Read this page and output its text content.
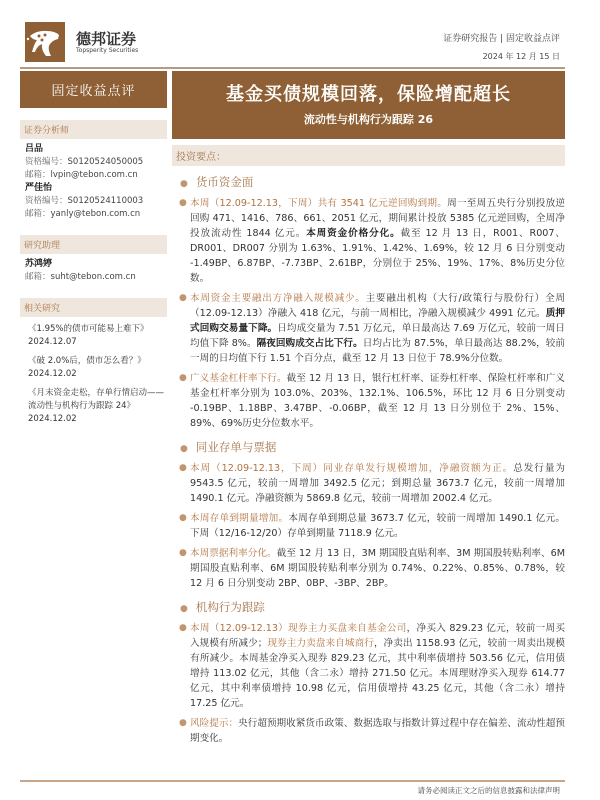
德邦证券
Topsperity Securities
证券研究报告 | 固定收益点评
2024 年 12 月 15 日
固定收益点评
证券分析师
吕品
资格编号：S0120524050005
邮箱：lvpin@tebon.com.cn
严佳怡
资格编号：S0120524110003
邮箱：yanly@tebon.com.cn
研究助理
苏鸿婷
邮箱：suht@tebon.com.cn
相关研究
《1.95%的债市可能易上难下》
2024.12.07
《破 2.0%后，债市怎么看？》
2024.12.02
《月末资金走松，存单行情启动——流动性与机构行为跟踪 24》
2024.12.02
基金买债规模回落，保险增配超长
流动性与机构行为跟踪 26
投资要点：
● 货币资金面
● 本周（12.09-12.13，下周）共有 3541 亿元逆回购到期。周一至周五央行分别投放逆回购 471、1416、786、661、2051 亿元，期间累计投放 5385 亿元逆回购，全周净投放流动性 1844 亿元。本周资金价格分化。截至 12 月 13 日，R001、R007、DR001、DR007 分别为 1.63%、1.91%、1.42%、1.69%，较 12 月 6 日分别变动 -1.49BP、6.87BP、-7.73BP、2.61BP，分别位于 25%、19%、17%、8%历史分位数。
● 本周资金主要融出方净融入规模减少。主要融出机构（大行/政策行与股份行）全周（12.09-12.13）净融入 418 亿元，与前一周相比，净融入规模减少 4991 亿元。质押式回购交易量下降。日均成交量为 7.51 万亿元，单日最高达 7.69 万亿元，较前一周日均值下降 8%。隔夜回购成交占比下行。日均占比为 87.5%，单日最高达 88.2%，较前一周的日均值下行 1.51 个百分点，截至 12 月 13 日位于 78.9%分位数。
● 广义基金杠杆率下行。截至 12 月 13 日，银行杠杆率、证券杠杆率、保险杠杆率和广义基金杠杆率分别为 103.0%、203%、132.1%、106.5%，环比 12 月 6 日分别变动 -0.19BP、1.18BP、3.47BP、-0.06BP，截至 12 月 13 日分别位于 2%、15%、89%、69%历史分位数水平。
● 同业存单与票据
● 本周（12.09-12.13，下周）同业存单发行规模增加，净融资额为正。总发行量为 9543.5 亿元，较前一周增加 3492.5 亿元；到期总量 3673.7 亿元，较前一周增加 1490.1 亿元。净融资额为 5869.8 亿元，较前一周增加 2002.4 亿元。
● 本周存单到期量增加。本周存单到期总量 3673.7 亿元，较前一周增加 1490.1 亿元。下周（12/16-12/20）存单到期量 7118.9 亿元。
● 本周票据利率分化。截至 12 月 13 日，3M 期国股直贴利率、3M 期国股转贴利率、6M 期国股直贴利率、6M 期国股转贴利率分别为 0.74%、0.22%、0.85%、0.78%，较 12 月 6 日分别变动 2BP、0BP、-3BP、2BP。
● 机构行为跟踪
● 本周（12.09-12.13）现券主力买盘来自基金公司，净买入 829.23 亿元，较前一周买入规模有所减少；现券主力卖盘来自城商行，净卖出 1158.93 亿元，较前一周卖出规模有所减少。本周基金净买入现券 829.23 亿元，其中利率债增持 503.56 亿元，信用债增持 113.02 亿元，其他（含二永）增持 271.50 亿元。本周理财净买入现券 614.77 亿元，其中利率债增持 10.98 亿元，信用债增持 43.25 亿元，其他（含二永）增持 17.25 亿元。
● 风险提示：央行超预期收紧货币政策、数据选取与指数计算过程中存在偏差、流动性超预期变化。
请务必阅读正文之后的信息披露和法律声明
